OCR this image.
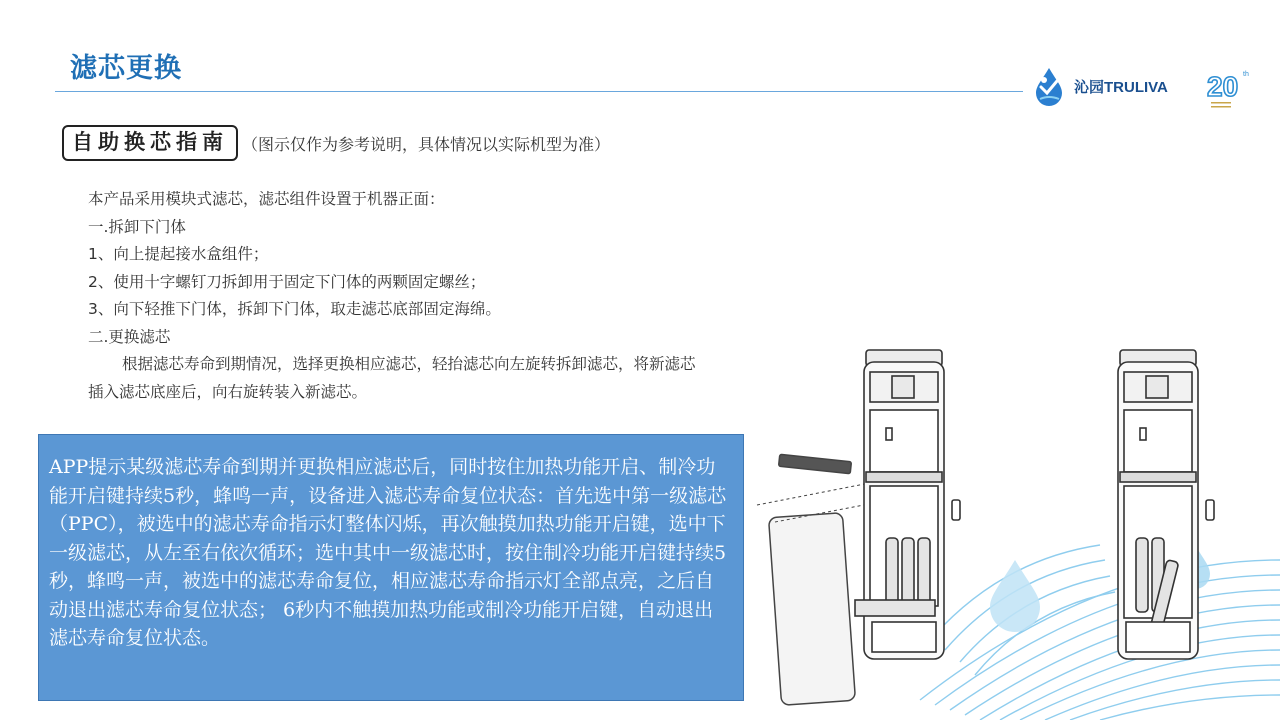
滤芯更换
沁园TRULIVA 20 th
自助换芯指南 （图示仅作为参考说明，具体情况以实际机型为准）

本产品采用模块式滤芯，滤芯组件设置于机器正面：

一.拆卸下门体

1、向上提起接水盒组件；

2、使用十字螺钉刀拆卸用于固定下门体的两颗固定螺丝；

3、向下轻推下门体，拆卸下门体，取走滤芯底部固定海绵。

二.更换滤芯

根据滤芯寿命到期情况，选择更换相应滤芯，轻抬滤芯向左旋转拆卸滤芯，将新滤芯

插入滤芯底座后，向右旋转装入新滤芯。

APP提示某级滤芯寿命到期并更换相应滤芯后，同时按住加热功能开启、制冷功能开启键持续5秒，蜂鸣一声，设备进入滤芯寿命复位状态：首先选中第一级滤芯（PPC），被选中的滤芯寿命指示灯整体闪烁，再次触摸加热功能开启键，选中下一级滤芯，从左至右依次循环；选中其中一级滤芯时，按住制冷功能开启键持续5秒，蜂鸣一声，被选中的滤芯寿命复位，相应滤芯寿命指示灯全部点亮，之后自动退出滤芯寿命复位状态； 6秒内不触摸加热功能或制冷功能开启键，自动退出滤芯寿命复位状态。
